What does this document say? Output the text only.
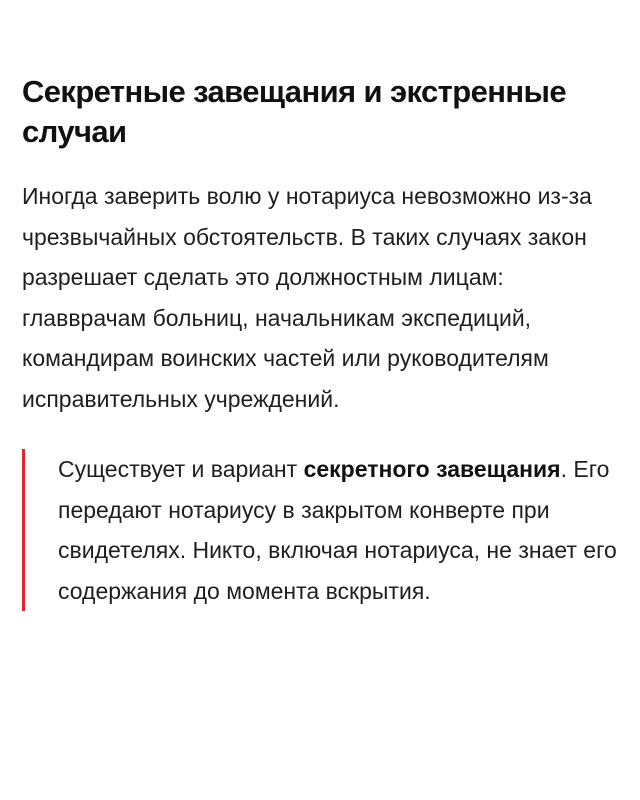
Секретные завещания и экстренные случаи

Иногда заверить волю у нотариуса невозможно из-за чрезвычайных обстоятельств. В таких случаях закон разрешает сделать это должностным лицам: главврачам больниц, начальникам экспедиций, командирам воинских частей или руководителям исправительных учреждений.

Существует и вариант секретного завещания. Его передают нотариусу в закрытом конверте при свидетелях. Никто, включая нотариуса, не знает его содержания до момента вскрытия.
